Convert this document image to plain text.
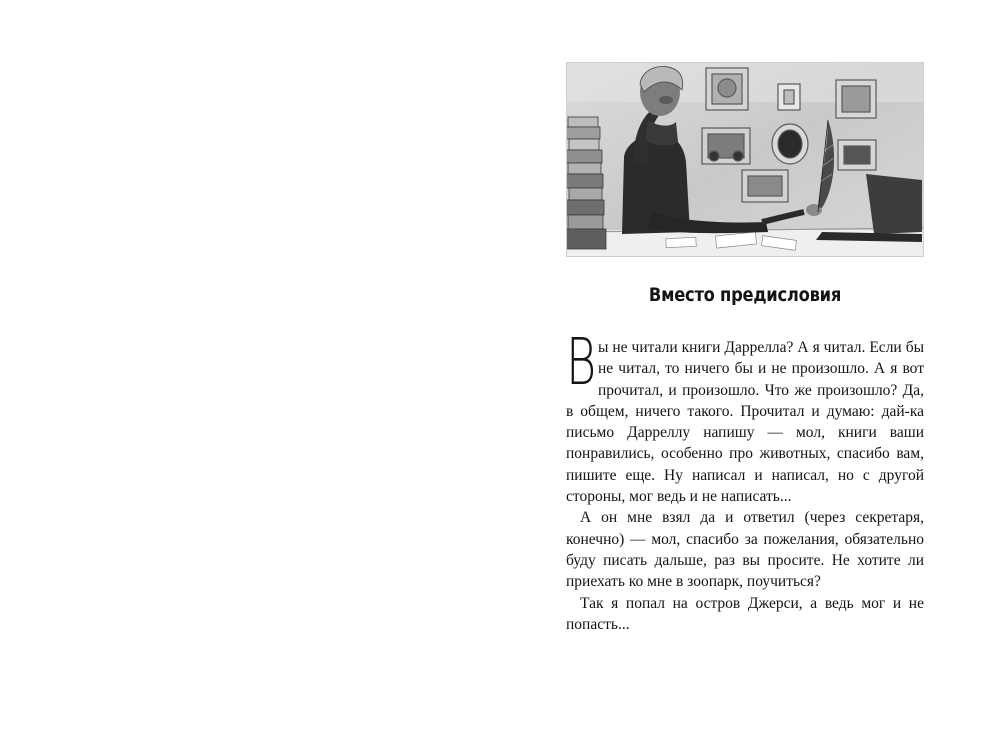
Вместо предисловия

Вы не читали книги Даррелла? А я читал. Если бы не читал, то ничего бы и не произошло. А я вот прочитал, и произошло. Что же произошло? Да, в общем, ничего такого. Прочитал и думаю: дай-ка письмо Дарреллу напишу — мол, книги ваши понравились, особенно про животных, спасибо вам, пишите еще. Ну написал и написал, но с другой стороны, мог ведь и не написать...

А он мне взял да и ответил (через секретаря, конечно) — мол, спасибо за пожелания, обязательно буду писать дальше, раз вы просите. Не хотите ли приехать ко мне в зоопарк, поучиться?

Так я попал на остров Джерси, а ведь мог и не попасть...
